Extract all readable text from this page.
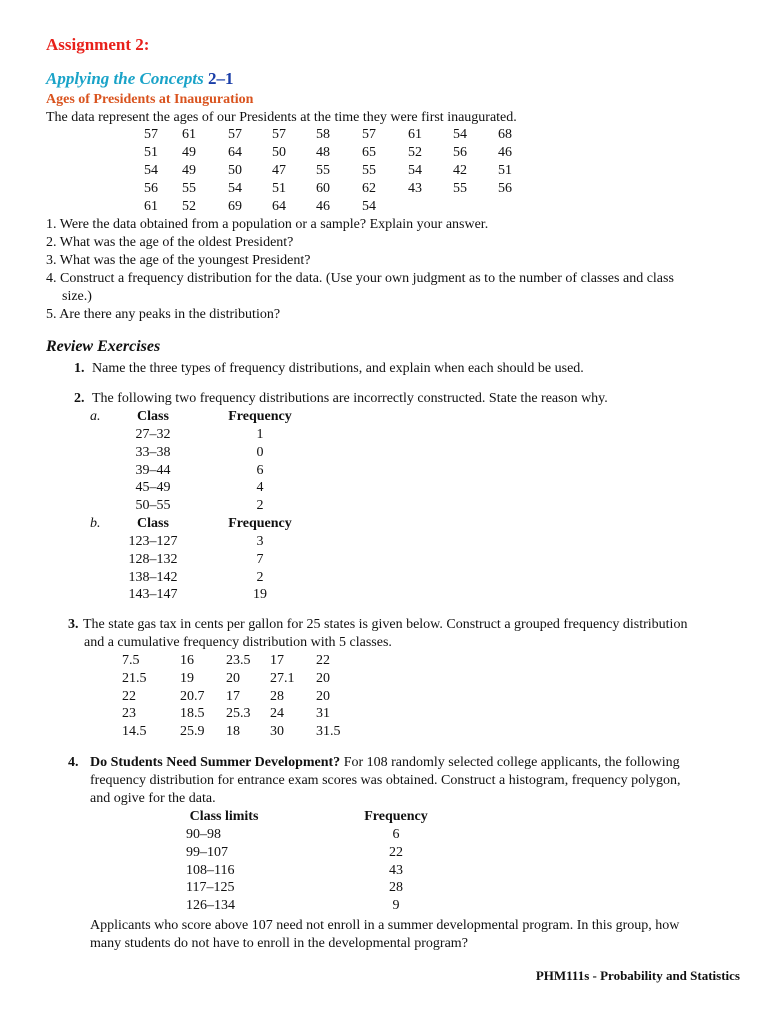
Assignment 2:
Applying the Concepts 2–1
Ages of Presidents at Inauguration
The data represent the ages of our Presidents at the time they were first inaugurated.
57	61	57	57	58	57	61	54	68
51	49	64	50	48	65	52	56	46
54	49	50	47	55	55	54	42	51
56	55	54	51	60	62	43	55	56
61	52	69	64	46	54
1. Were the data obtained from a population or a sample? Explain your answer.
2. What was the age of the oldest President?
3. What was the age of the youngest President?
4. Construct a frequency distribution for the data. (Use your own judgment as to the number of classes and class
size.)
5. Are there any peaks in the distribution?
Review Exercises
1. Name the three types of frequency distributions, and explain when each should be used.
2. The following two frequency distributions are incorrectly constructed. State the reason why.
a.	Class	Frequency
27–32	1
33–38	0
39–44	6
45–49	4
50–55	2
b.	Class	Frequency
123–127	3
128–132	7
138–142	2
143–147	19
3. The state gas tax in cents per gallon for 25 states is given below. Construct a grouped frequency distribution
and a cumulative frequency distribution with 5 classes.
7.5	16 23.5 17 22
21.5 19 20 27.1 20
22	20.7 17 28 20
23	18.5 25.3 24 31
14.5 25.9 18 30 31.5
4. Do Students Need Summer Development? For 108 randomly selected college applicants, the following
frequency distribution for entrance exam scores was obtained. Construct a histogram, frequency polygon,
and ogive for the data.
Class limits	Frequency
90–98	6
99–107	22
108–116	43
117–125	28
126–134	9
Applicants who score above 107 need not enroll in a summer developmental program. In this group, how
many students do not have to enroll in the developmental program?
PHM111s - Probability and Statistics
